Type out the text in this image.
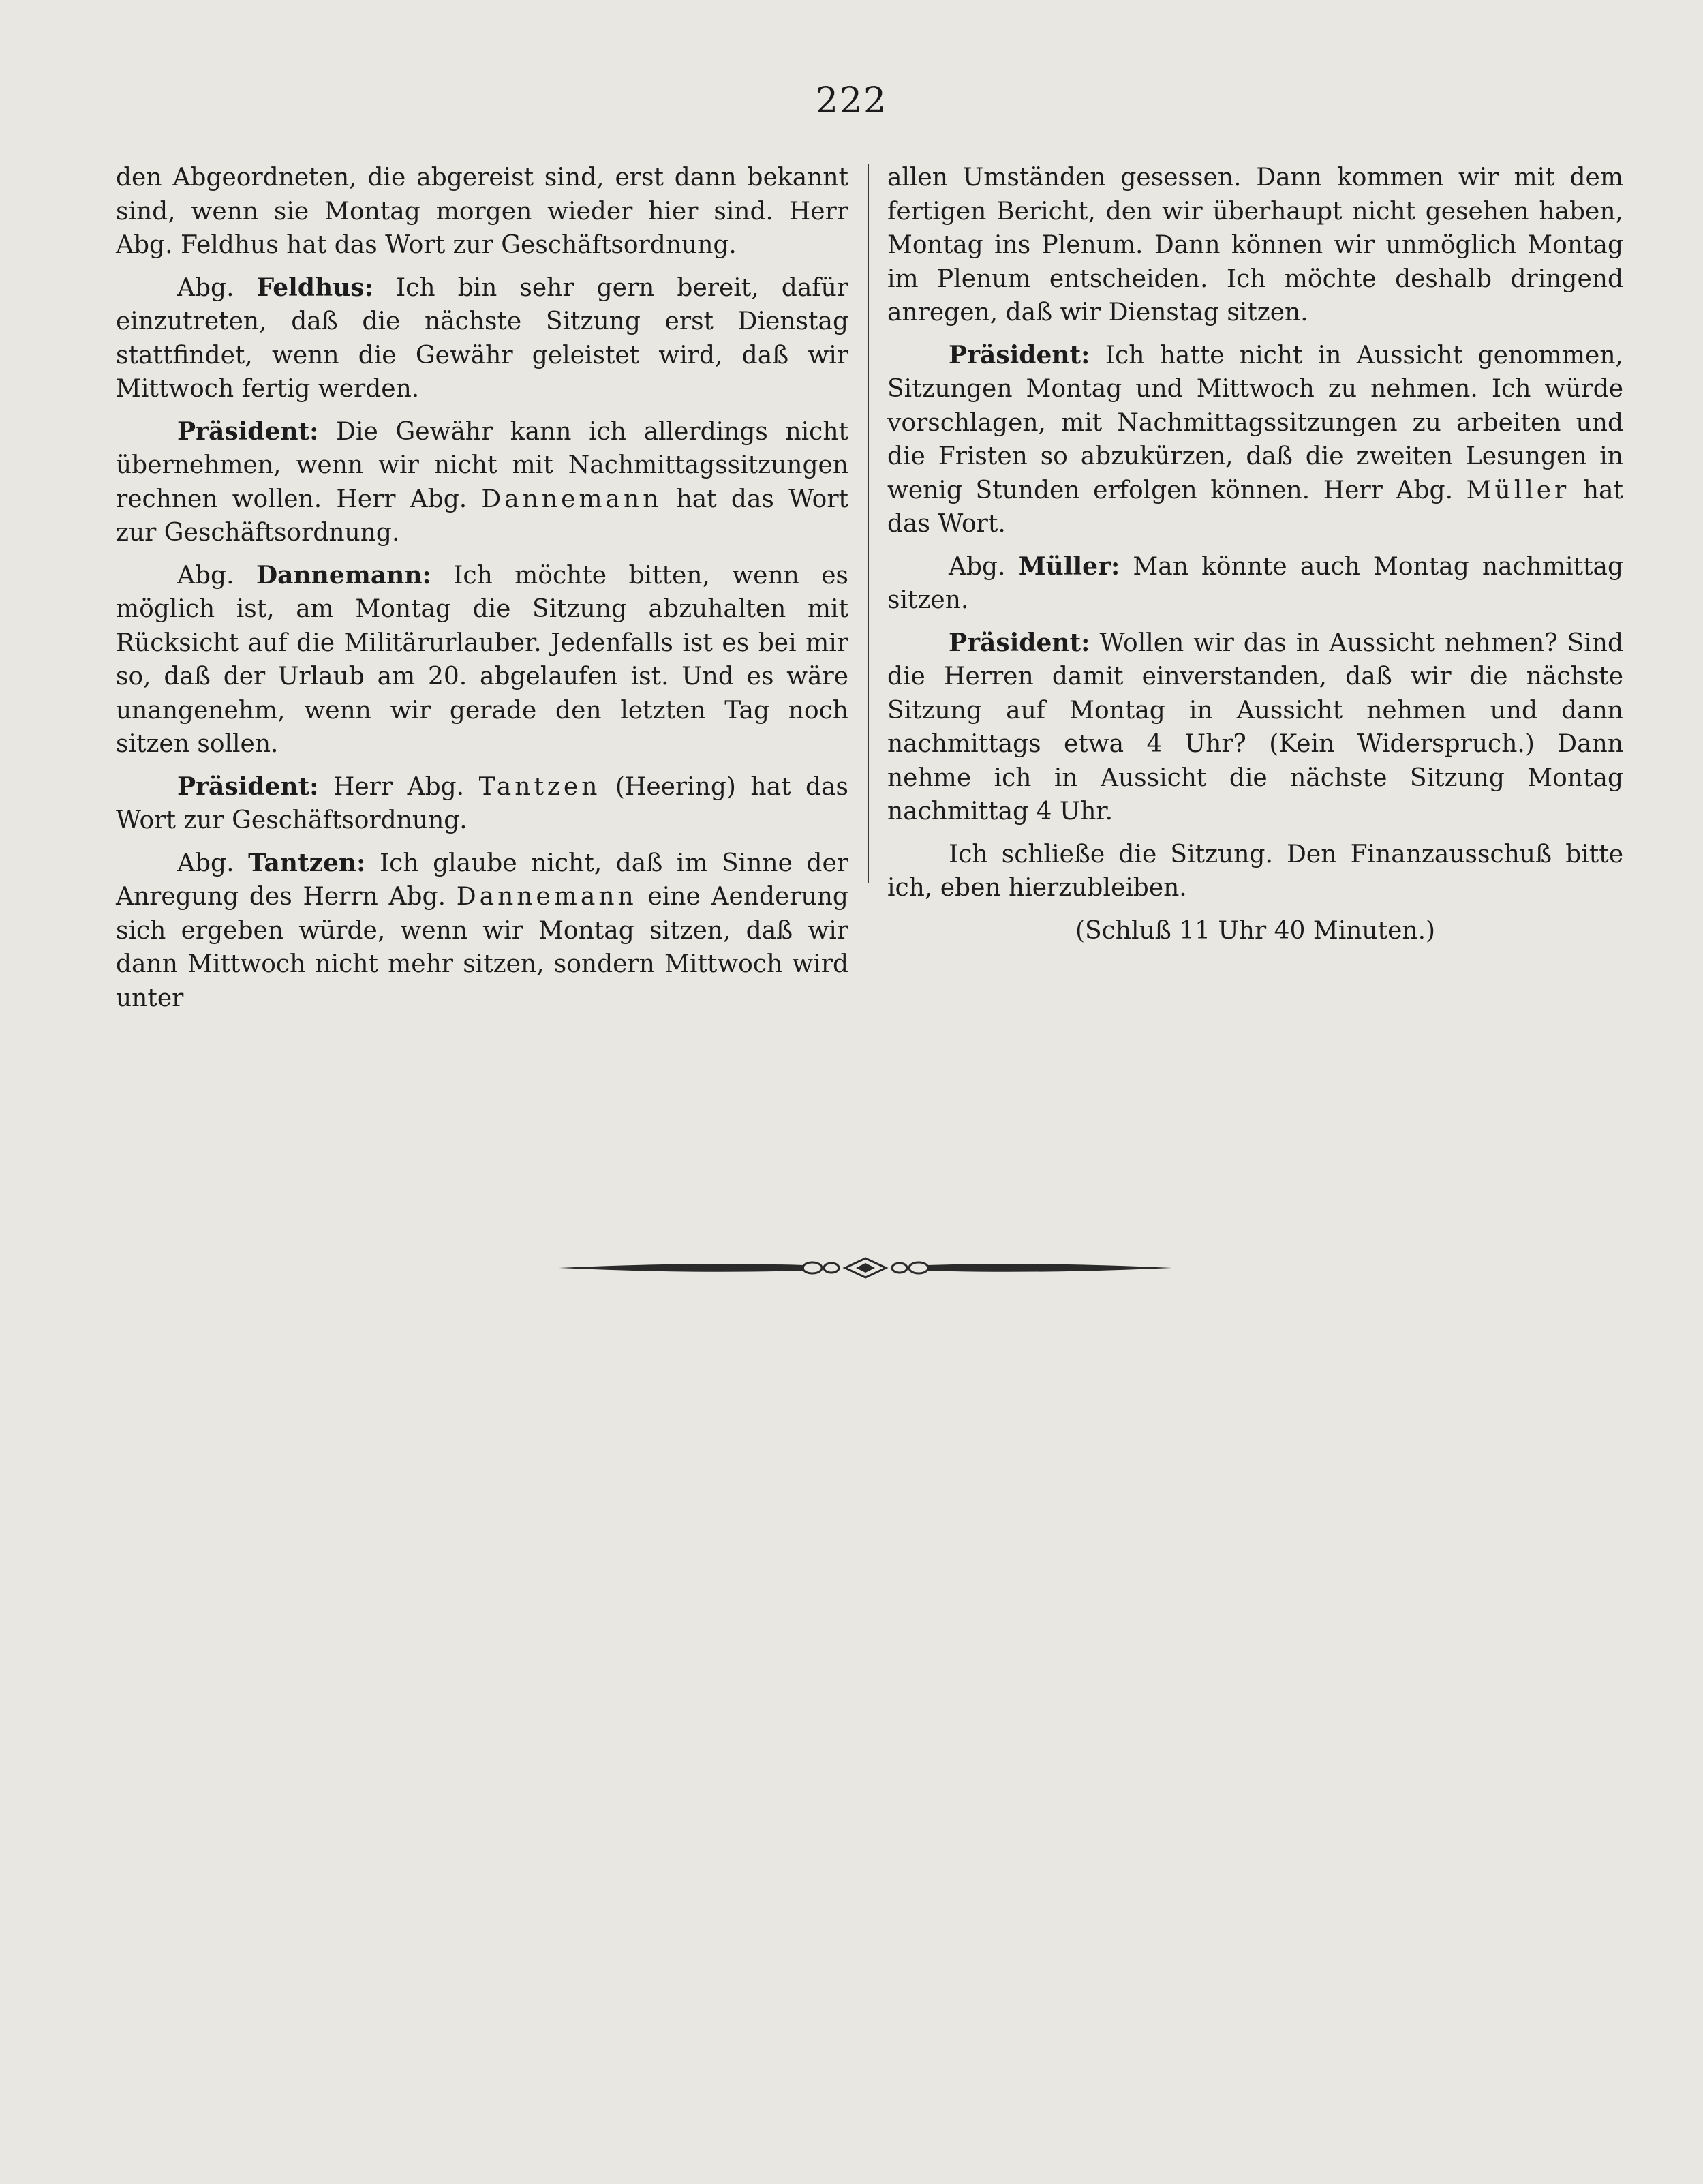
222

den Abgeordneten, die abgereist sind, erst dann bekannt sind, wenn sie Montag morgen wieder hier sind. Herr Abg. Feldhus hat das Wort zur Geschäftsordnung.

Abg. Feldhus: Ich bin sehr gern bereit, dafür einzutreten, daß die nächste Sitzung erst Dienstag stattfindet, wenn die Gewähr geleistet wird, daß wir Mittwoch fertig werden.

Präsident: Die Gewähr kann ich allerdings nicht übernehmen, wenn wir nicht mit Nachmittagssitzungen rechnen wollen. Herr Abg. Dannemann hat das Wort zur Geschäftsordnung.

Abg. Dannemann: Ich möchte bitten, wenn es möglich ist, am Montag die Sitzung abzuhalten mit Rücksicht auf die Militärurlauber. Jedenfalls ist es bei mir so, daß der Urlaub am 20. abgelaufen ist. Und es wäre unangenehm, wenn wir gerade den letzten Tag noch sitzen sollen.

Präsident: Herr Abg. Tantzen (Heering) hat das Wort zur Geschäftsordnung.

Abg. Tantzen: Ich glaube nicht, daß im Sinne der Anregung des Herrn Abg. Dannemann eine Aenderung sich ergeben würde, wenn wir Montag sitzen, daß wir dann Mittwoch nicht mehr sitzen, sondern Mittwoch wird unter

allen Umständen gesessen. Dann kommen wir mit dem fertigen Bericht, den wir überhaupt nicht gesehen haben, Montag ins Plenum. Dann können wir unmöglich Montag im Plenum entscheiden. Ich möchte deshalb dringend anregen, daß wir Dienstag sitzen.

Präsident: Ich hatte nicht in Aussicht genommen, Sitzungen Montag und Mittwoch zu nehmen. Ich würde vorschlagen, mit Nachmittagssitzungen zu arbeiten und die Fristen so abzukürzen, daß die zweiten Lesungen in wenig Stunden erfolgen können. Herr Abg. Müller hat das Wort.

Abg. Müller: Man könnte auch Montag nachmittag sitzen.

Präsident: Wollen wir das in Aussicht nehmen? Sind die Herren damit einverstanden, daß wir die nächste Sitzung auf Montag in Aussicht nehmen und dann nachmittags etwa 4 Uhr? (Kein Widerspruch.) Dann nehme ich in Aussicht die nächste Sitzung Montag nachmittag 4 Uhr.

Ich schließe die Sitzung. Den Finanzausschuß bitte ich, eben hierzubleiben.

(Schluß 11 Uhr 40 Minuten.)
